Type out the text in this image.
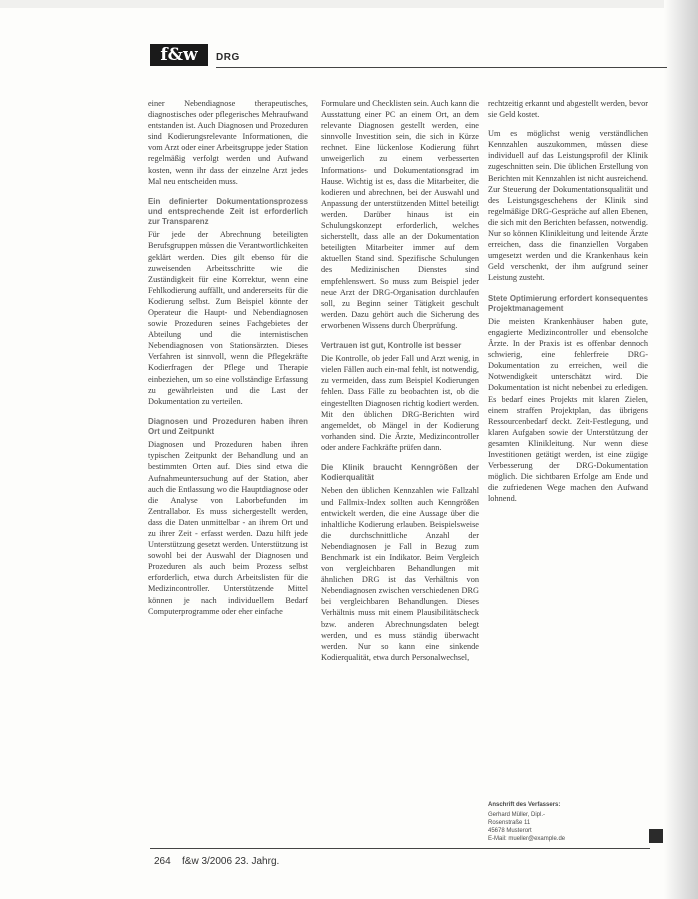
f&w	DRG

einer Nebendiagnose therapeutisches, diagnostisches oder pflegerisches Mehraufwand entstanden ist. Auch Diagnosen und Prozeduren sind Kodierungsrelevante Informationen, die vom Arzt oder einer Arbeitsgruppe jeder Station regelmäßig verfolgt werden und Aufwand kosten, wenn ihr dass der einzelne Arzt jedes Mal neu entscheiden muss.

Ein definierter Dokumentationsprozess und entsprechende Zeit ist erforderlich zur Transparenz

Für jede der Abrechnung beteiligten Berufsgruppen müssen die Verantwortlichkeiten geklärt werden. Dies gilt ebenso für die zuweisenden Arbeitsschritte wie die Zuständigkeit für eine Korrektur, wenn eine Fehlkodierung auffällt, und andererseits für die Kodierung selbst. Zum Beispiel könnte der Operateur die Haupt- und Nebendiagnosen sowie Prozeduren seines Fachgebietes der Abteilung und die internistischen Nebendiagnosen von Stationsärzten. Dieses Verfahren ist sinnvoll, wenn die Pflegekräfte Kodierfragen der Pflege und Therapie einbeziehen, um so eine vollständige Erfassung zu gewährleisten und die Last der Dokumentation zu verteilen.

Diagnosen und Prozeduren haben ihren Ort und Zeitpunkt

Diagnosen und Prozeduren haben ihren typischen Zeitpunkt der Behandlung und an bestimmten Orten auf. Dies sind etwa die Aufnahmeuntersuchung auf der Station, aber auch die Entlassung wo die Hauptdiagnose oder die Analyse von Laborbefunden im Zentrallabor. Es muss sichergestellt werden, dass die Daten unmittelbar - an ihrem Ort und zu ihrer Zeit - erfasst werden. Dazu hilft jede Unterstützung gesetzt werden. Unterstützung ist sowohl bei der Auswahl der Diagnosen und Prozeduren als auch beim Prozess selbst erforderlich, etwa durch Arbeitslisten für die Medizincontroller. Unterstützende Mittel können je nach individuellem Bedarf Computerprogramme oder eher einfache

Formulare und Checklisten sein. Auch kann die Ausstattung einer PC an einem Ort, an dem relevante Diagnosen gestellt werden, eine sinnvolle Investition sein, die sich in Kürze rechnet. Eine lückenlose Kodierung führt unweigerlich zu einem verbesserten Informations- und Dokumentationsgrad im Hause. Wichtig ist es, dass die Mitarbeiter, die kodieren und abrechnen, bei der Auswahl und Anpassung der unterstützenden Mittel beteiligt werden. Darüber hinaus ist ein Schulungskonzept erforderlich, welches sicherstellt, dass alle an der Dokumentation beteiligten Mitarbeiter immer auf dem aktuellen Stand sind. Spezifische Schulungen des Medizinischen Dienstes sind empfehlenswert. So muss zum Beispiel jeder neue Arzt der DRG-Organisation durchlaufen soll, zu Beginn seiner Tätigkeit geschult werden. Dazu gehört auch die Sicherung des erworbenen Wissens durch Überprüfung.

Vertrauen ist gut, Kontrolle ist besser

Die Kontrolle, ob jeder Fall und Arzt wenig, in vielen Fällen auch ein-mal fehlt, ist notwendig, zu vermeiden, dass zum Beispiel Kodierungen fehlen. Dass Fälle zu beobachten ist, ob die eingestellten Diagnosen richtig kodiert werden. Mit den üblichen DRG-Berichten wird angemeldet, ob Mängel in der Kodierung vorhanden sind. Die Ärzte, Medizincontroller oder andere Fachkräfte prüfen dann.

Die Klinik braucht Kenngrößen der Kodierqualität

Neben den üblichen Kennzahlen wie Fallzahl und Fallmix-Index sollten auch Kenngrößen entwickelt werden, die eine Aussage über die inhaltliche Kodierung erlauben. Beispielsweise die durchschnittliche Anzahl der Nebendiagnosen je Fall in Bezug zum Benchmark ist ein Indikator. Beim Vergleich von vergleichbaren Behandlungen mit ähnlichen DRG ist das Verhältnis von Nebendiagnosen zwischen verschiedenen DRG bei vergleichbaren Behandlungen. Dieses Verhältnis muss mit einem Plausibilitätscheck bzw. anderen Abrechnungsdaten belegt werden, und es muss ständig überwacht werden. Nur so kann eine sinkende Kodierqualität, etwa durch Personalwechsel,

rechtzeitig erkannt und abgestellt werden, bevor sie Geld kostet.

Um es möglichst wenig verständlichen Kennzahlen auszukommen, müssen diese individuell auf das Leistungsprofil der Klinik zugeschnitten sein. Die üblichen Erstellung von Berichten mit Kennzahlen ist nicht ausreichend. Zur Steuerung der Dokumentationsqualität und des Leistungsgeschehens der Klinik sind regelmäßige DRG-Gespräche auf allen Ebenen, die sich mit den Berichten befassen, notwendig. Nur so können Klinikleitung und leitende Ärzte erreichen, dass die finanziellen Vorgaben umgesetzt werden und die Krankenhaus kein Geld verschenkt, der ihm aufgrund seiner Leistung zusteht.

Stete Optimierung erfordert konsequentes Projektmanagement

Die meisten Krankenhäuser haben gute, engagierte Medizincontroller und ebensolche Ärzte. In der Praxis ist es offenbar dennoch schwierig, eine fehlerfreie DRG-Dokumentation zu erreichen, weil die Notwendigkeit unterschätzt wird. Die Dokumentation ist nicht nebenbei zu erledigen. Es bedarf eines Projekts mit klaren Zielen, einem straffen Projektplan, das übrigens Ressourcenbedarf deckt. Zeit-Festlegung, und klaren Aufgaben sowie der Unterstützung der gesamten Klinikleitung. Nur wenn diese Investitionen getätigt werden, ist eine zügige Verbesserung der DRG-Dokumentation möglich. Die sichtbaren Erfolge am Ende und die zufriedenen Wege machen den Aufwand lohnend.

Anschrift des Verfassers:
Gerhard Müller, Dipl.-
Rosenstraße 11
45678 Musterort
E-Mail: mueller@example.de
264 f&w 3/2006 23. Jahrg.
